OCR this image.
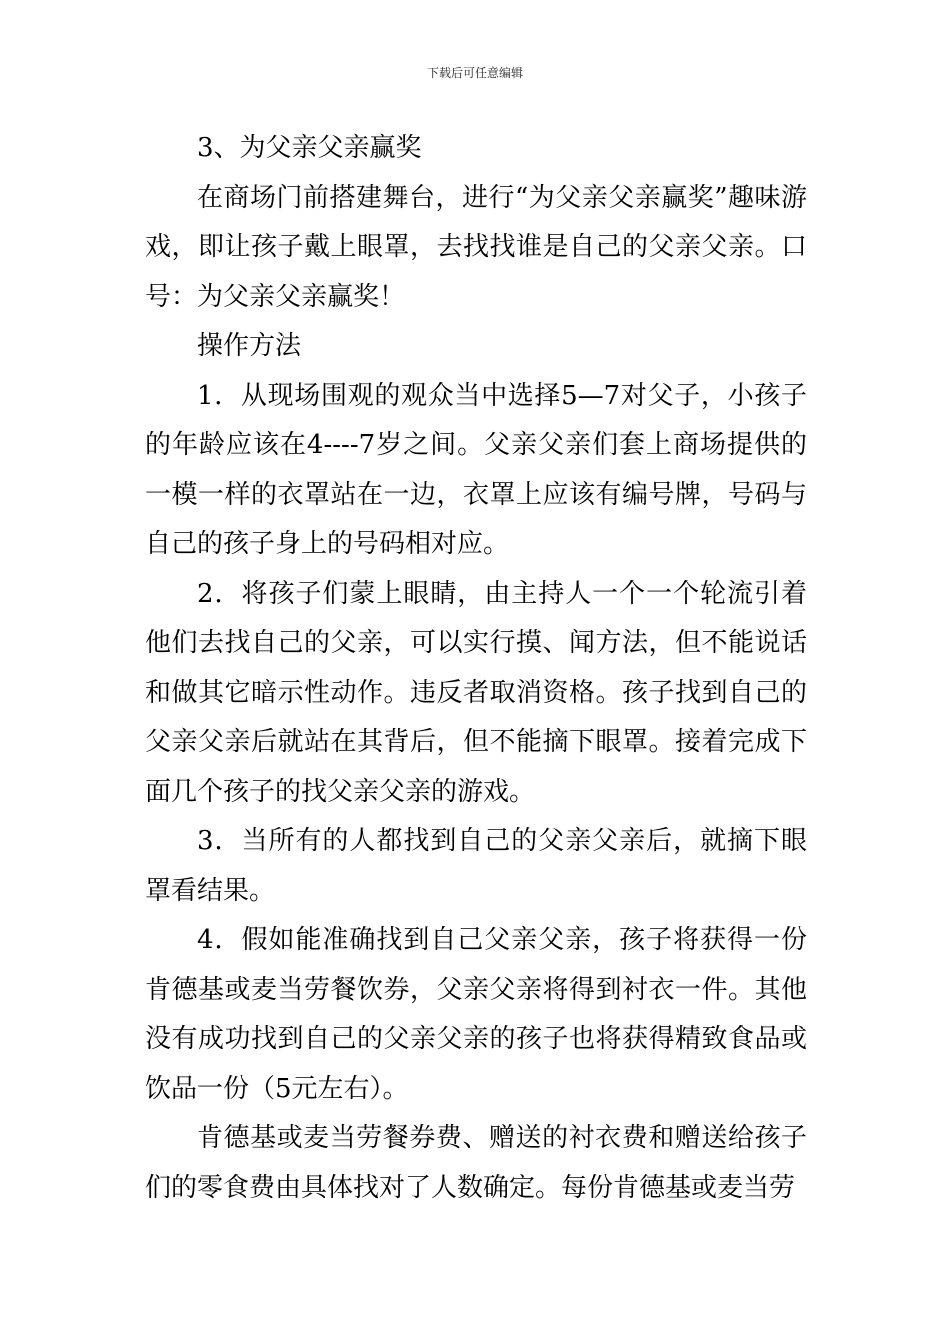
下载后可任意编辑

3、为父亲父亲赢奖

在商场门前搭建舞台，进行“为父亲父亲赢奖”趣味游戏，即让孩子戴上眼罩，去找找谁是自己的父亲父亲。口号：为父亲父亲赢奖！

操作方法

1．从现场围观的观众当中选择5—7对父子，小孩子的年龄应该在4----7岁之间。父亲父亲们套上商场提供的一模一样的衣罩站在一边，衣罩上应该有编号牌，号码与自己的孩子身上的号码相对应。

2．将孩子们蒙上眼睛，由主持人一个一个轮流引着他们去找自己的父亲，可以实行摸、闻方法，但不能说话和做其它暗示性动作。违反者取消资格。孩子找到自己的父亲父亲后就站在其背后，但不能摘下眼罩。接着完成下面几个孩子的找父亲父亲的游戏。

3．当所有的人都找到自己的父亲父亲后，就摘下眼罩看结果。

4．假如能准确找到自己父亲父亲，孩子将获得一份肯德基或麦当劳餐饮券，父亲父亲将得到衬衣一件。其他没有成功找到自己的父亲父亲的孩子也将获得精致食品或饮品一份（5元左右）。

肯德基或麦当劳餐券费、赠送的衬衣费和赠送给孩子们的零食费由具体找对了人数确定。每份肯德基或麦当劳
